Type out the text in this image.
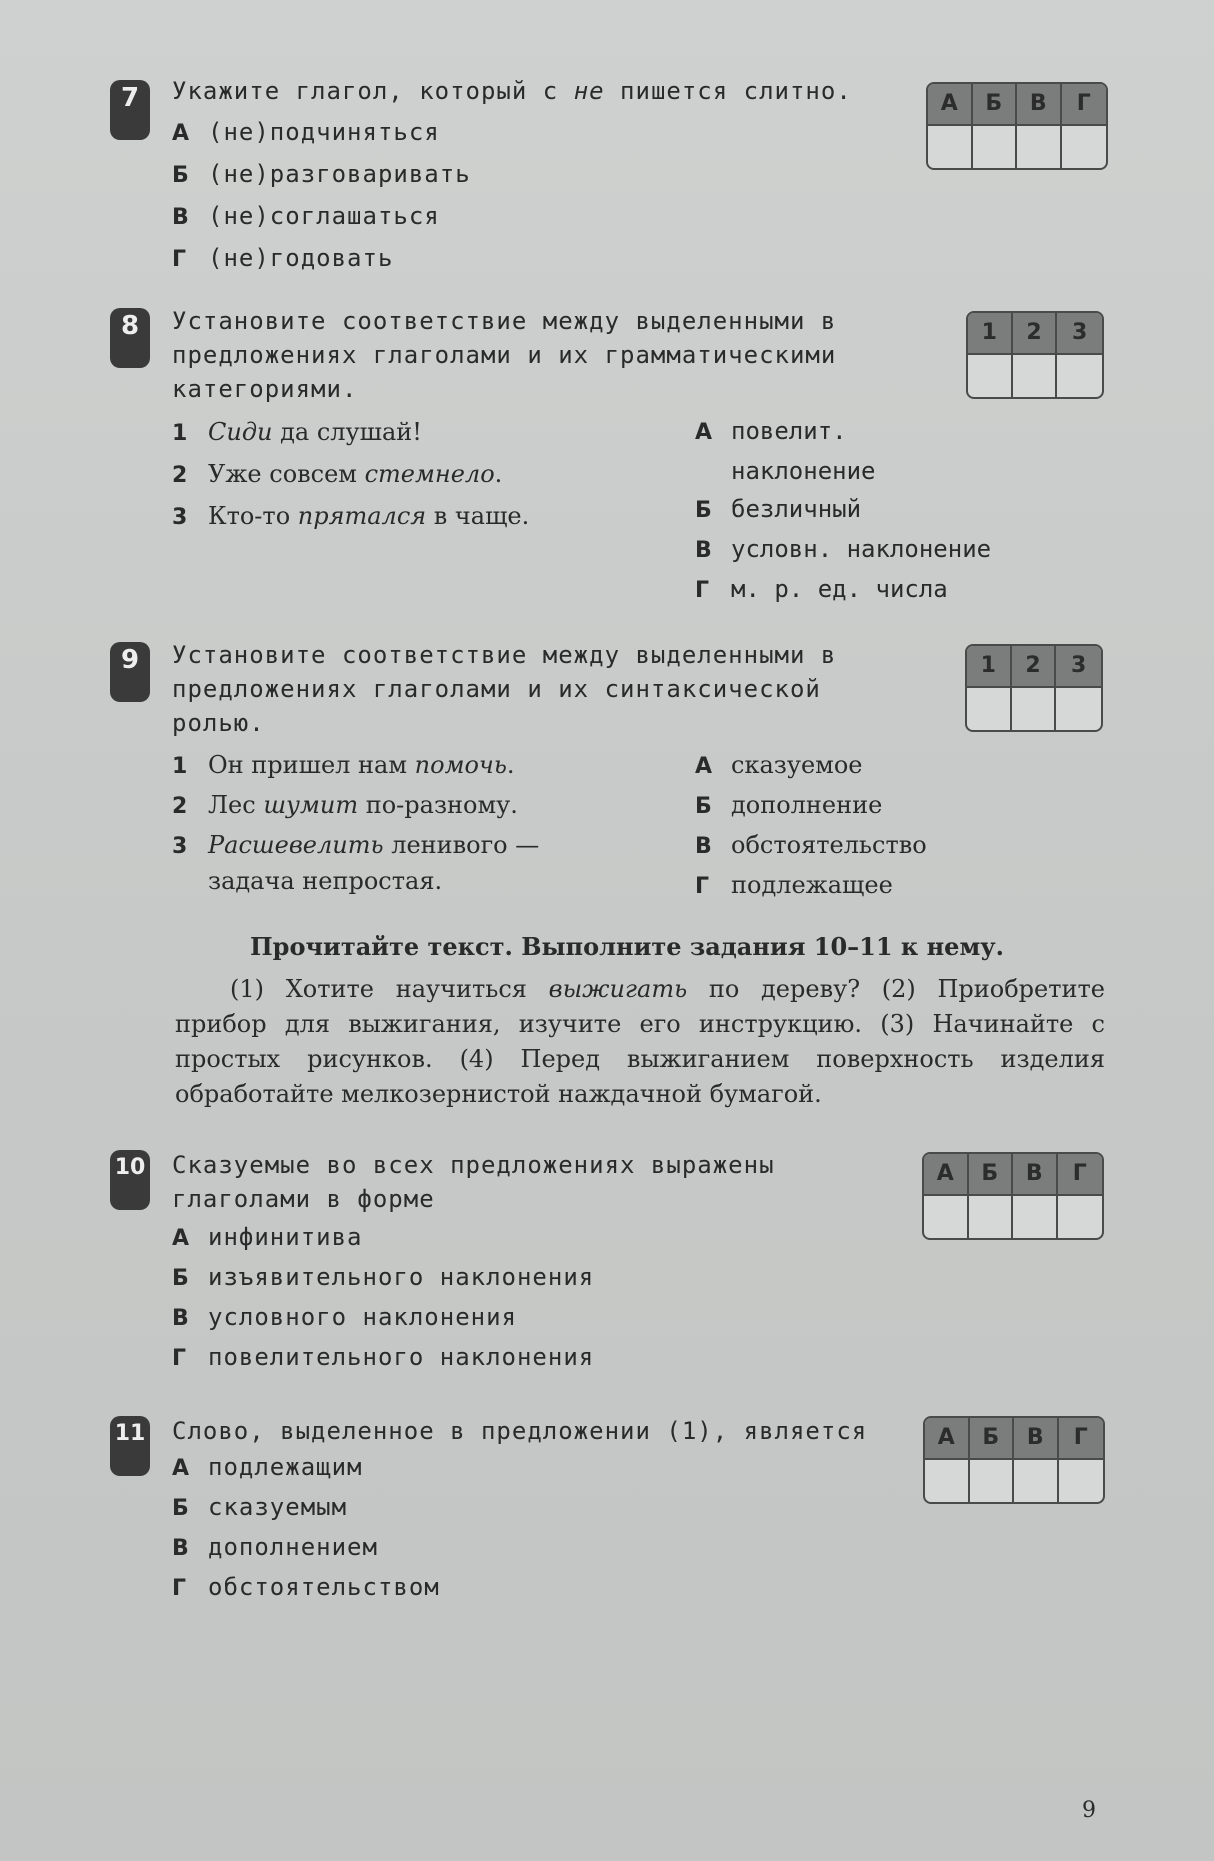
7	Укажите глагол, который с не пишется слитно.
А (не)подчиняться
Б (не)разговаривать
В (не)соглашаться
Г (не)годовать
А	Б	В	Г
8	Установите соответствие между выделенными в предложениях глаголами и их грамматическими категориями.
1 Сиди да слушай!
2 Уже совсем стемнело.
3 Кто-то прятался в чаще.
А повелит.
наклонение
Б безличный
В условн. наклонение
Г м. р. ед. числа
1	2	3
9	Установите соответствие между выделенными в предложениях глаголами и их синтаксической ролью.
1 Он пришел нам помочь.
2 Лес шумит по-разному.
3 Расшевелить ленивого —
задача непростая.
А сказуемое
Б дополнение
В обстоятельство
Г подлежащее
1	2	3
Прочитайте текст. Выполните задания 10–11 к нему.
(1) Хотите научиться выжигать по дереву? (2) Приобретите прибор для выжигания, изучите его инструкцию. (3) Начинайте с простых рисунков. (4) Перед выжиганием поверхность изделия обработайте мелкозернистой наждачной бумагой.
10 Сказуемые во всех предложениях выражены глаголами в форме
А инфинитива
Б изъявительного наклонения
В условного наклонения
Г повелительного наклонения
А	Б	В	Г
11 Слово, выделенное в предложении (1), является
А подлежащим
Б сказуемым
В дополнением
Г обстоятельством
А	Б	В	Г
9
